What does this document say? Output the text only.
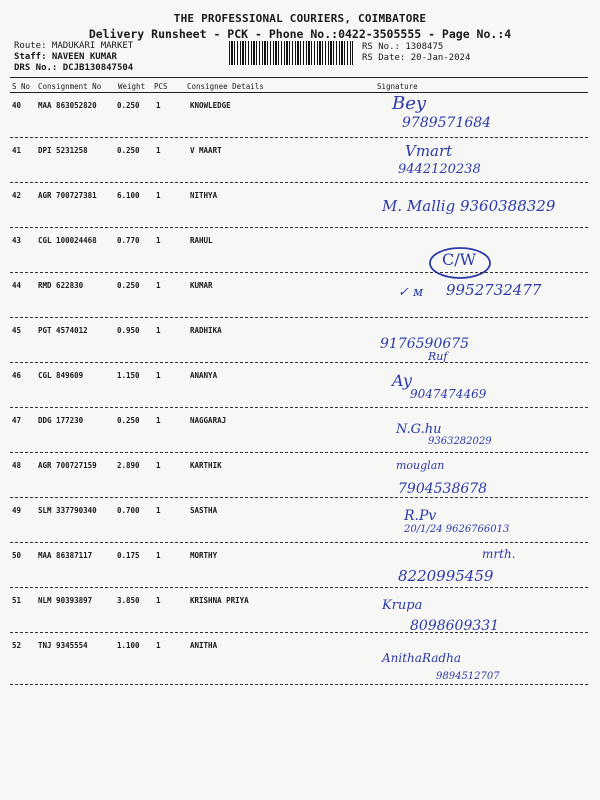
THE PROFESSIONAL COURIERS, COIMBATORE
Delivery Runsheet - PCK - Phone No.:0422-3505555 - Page No.:4
Route: MADUKARI MARKET
Staff: NAVEEN KUMAR
DRS No.: DCJB130847504
RS No.: 1308475
RS Date: 20-Jan-2024
S No Consignment No Weight PCS	Consignee Details	Signature
40 MAA 863052820	0.250 1	KNOWLEDGE	Bey
9789571684
41 DPI 5231258	0.250 1	V MAART	Vmart
9442120238
42 AGR 700727381	6.100 1	NITHYA
M. Mallig 9360388329
43 CGL 100024468	0.770 1	RAHUL
C/W
44 RMD 622830	0.250 1	KUMAR	✓ ᴍ 9952732477
45 PGT 4574012	0.950 1	RADHIKA
9176590675
Ruf
46 CGL 849609	1.150 1	ANANYA	Ay
9047474469
47 DDG 177230	0.250 1	NAGGARAJ
N.G.hu
9363282029
48 AGR 700727159	2.890 1	KARTHIK	mouglan
7904538678
49 SLM 337790340	0.700 1	SASTHA	R.Pv
20/1/24 9626766013
50 MAA 86387117	0.175 1	MORTHY	mrth.
8220995459
51 NLM 90393897	3.850 1	KRISHNA PRIYA	Krupa
8098609331
52 TNJ 9345554	1.100 1	ANITHA
AnithaRadha
9894512707
